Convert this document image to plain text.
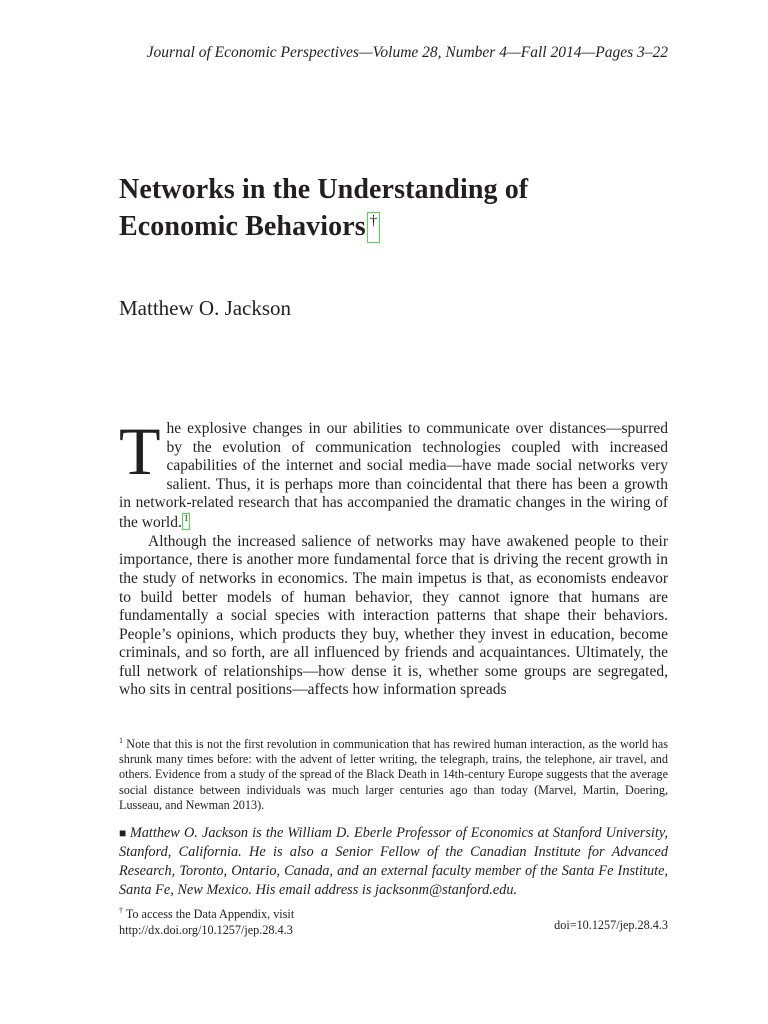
Journal of Economic Perspectives—Volume 28, Number 4—Fall 2014—Pages 3–22
Networks in the Understanding of
Economic Behaviors †
Matthew O. Jackson

The explosive changes in our abilities to communicate over distances—spurred by the evolution of communication technologies coupled with increased capabilities of the internet and social media—have made social networks very salient. Thus, it is perhaps more than coincidental that there has been a growth in network-related research that has accompanied the dramatic changes in the wiring of the world. 1

Although the increased salience of networks may have awakened people to their importance, there is another more fundamental force that is driving the recent growth in the study of networks in economics. The main impetus is that, as economists endeavor to build better models of human behavior, they cannot ignore that humans are fundamentally a social species with interaction patterns that shape their behaviors. People’s opinions, which products they buy, whether they invest in education, become criminals, and so forth, are all influenced by friends and acquaintances. Ultimately, the full network of relationships—how dense it is, whether some groups are segregated, who sits in central positions—affects how information spreads

$^1$ Note that this is not the first revolution in communication that has rewired human interaction, as the world has shrunk many times before: with the advent of letter writing, the telegraph, trains, the telephone, air travel, and others. Evidence from a study of the spread of the Black Death in 14th-century Europe suggests that the average social distance between individuals was much larger centuries ago than today (Marvel, Martin, Doering, Lusseau, and Newman 2013).
■ Matthew O. Jackson is the William D. Eberle Professor of Economics at Stanford University, Stanford, California. He is also a Senior Fellow of the Canadian Institute for Advanced Research, Toronto, Ontario, Canada, and an external faculty member of the Santa Fe Institute, Santa Fe, New Mexico. His email address is jacksonm@stanford.edu.
† To access the Data Appendix, visit
http://dx.doi.org/10.1257/jep.28.4.3	doi=10.1257/jep.28.4.3
